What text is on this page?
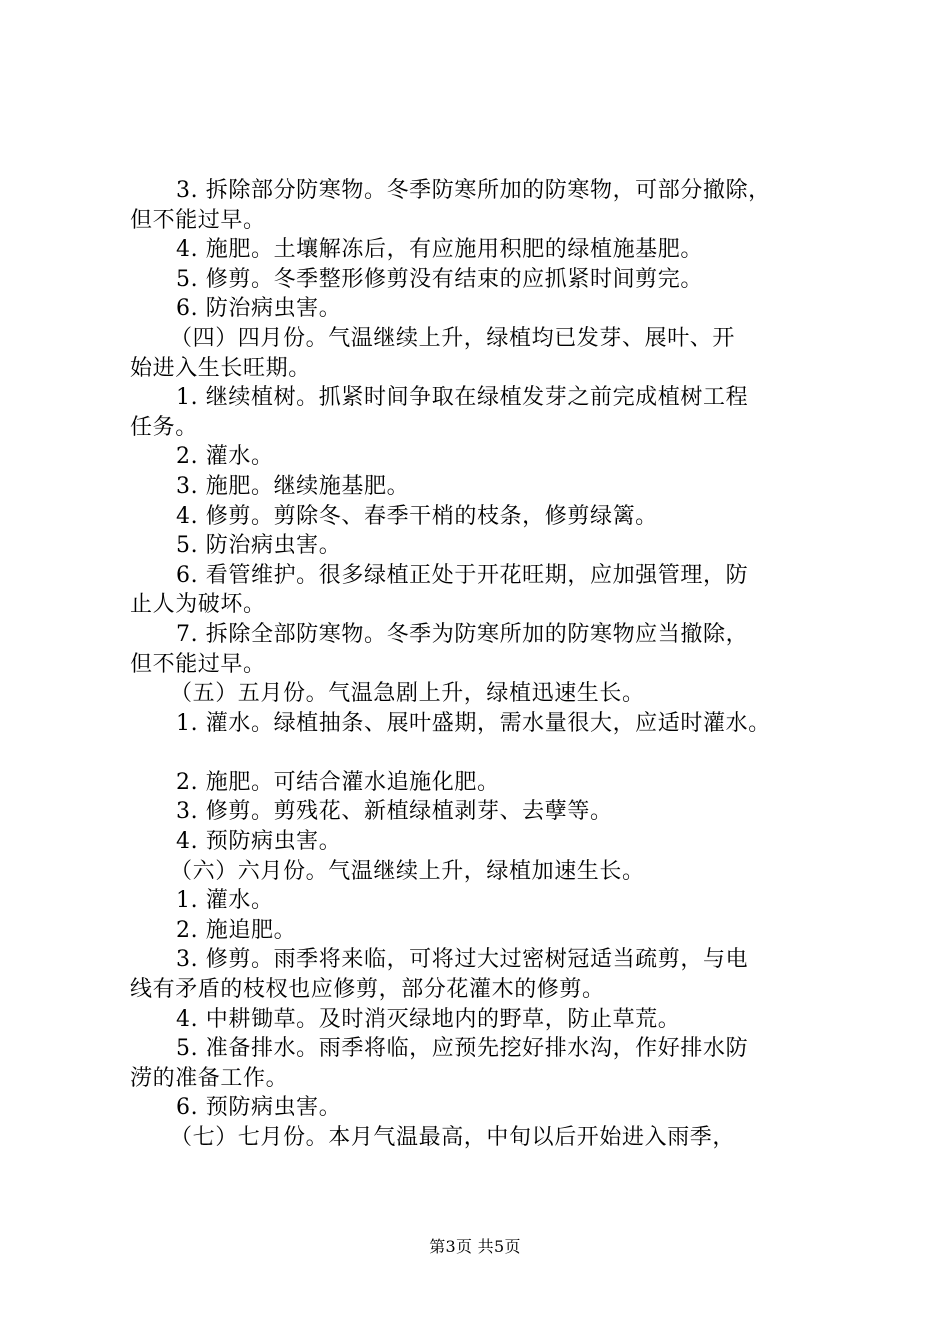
3. 拆除部分防寒物。冬季防寒所加的防寒物，可部分撤除，
但不能过早。
4. 施肥。土壤解冻后，有应施用积肥的绿植施基肥。
5. 修剪。冬季整形修剪没有结束的应抓紧时间剪完。
6. 防治病虫害。
（四）四月份。气温继续上升，绿植均已发芽、展叶、开
始进入生长旺期。
1. 继续植树。抓紧时间争取在绿植发芽之前完成植树工程
任务。
2. 灌水。
3. 施肥。继续施基肥。
4. 修剪。剪除冬、春季干梢的枝条，修剪绿篱。
5. 防治病虫害。
6. 看管维护。很多绿植正处于开花旺期，应加强管理，防
止人为破坏。
7. 拆除全部防寒物。冬季为防寒所加的防寒物应当撤除，
但不能过早。
（五）五月份。气温急剧上升，绿植迅速生长。
1. 灌水。绿植抽条、展叶盛期，需水量很大，应适时灌水。
2. 施肥。可结合灌水追施化肥。
3. 修剪。剪残花、新植绿植剥芽、去孽等。
4. 预防病虫害。
（六）六月份。气温继续上升，绿植加速生长。
1. 灌水。
2. 施追肥。
3. 修剪。雨季将来临，可将过大过密树冠适当疏剪，与电
线有矛盾的枝杈也应修剪，部分花灌木的修剪。
4. 中耕锄草。及时消灭绿地内的野草，防止草荒。
5. 准备排水。雨季将临，应预先挖好排水沟，作好排水防
涝的准备工作。
6. 预防病虫害。
（七）七月份。本月气温最高，中旬以后开始进入雨季，
第3页 共5页
